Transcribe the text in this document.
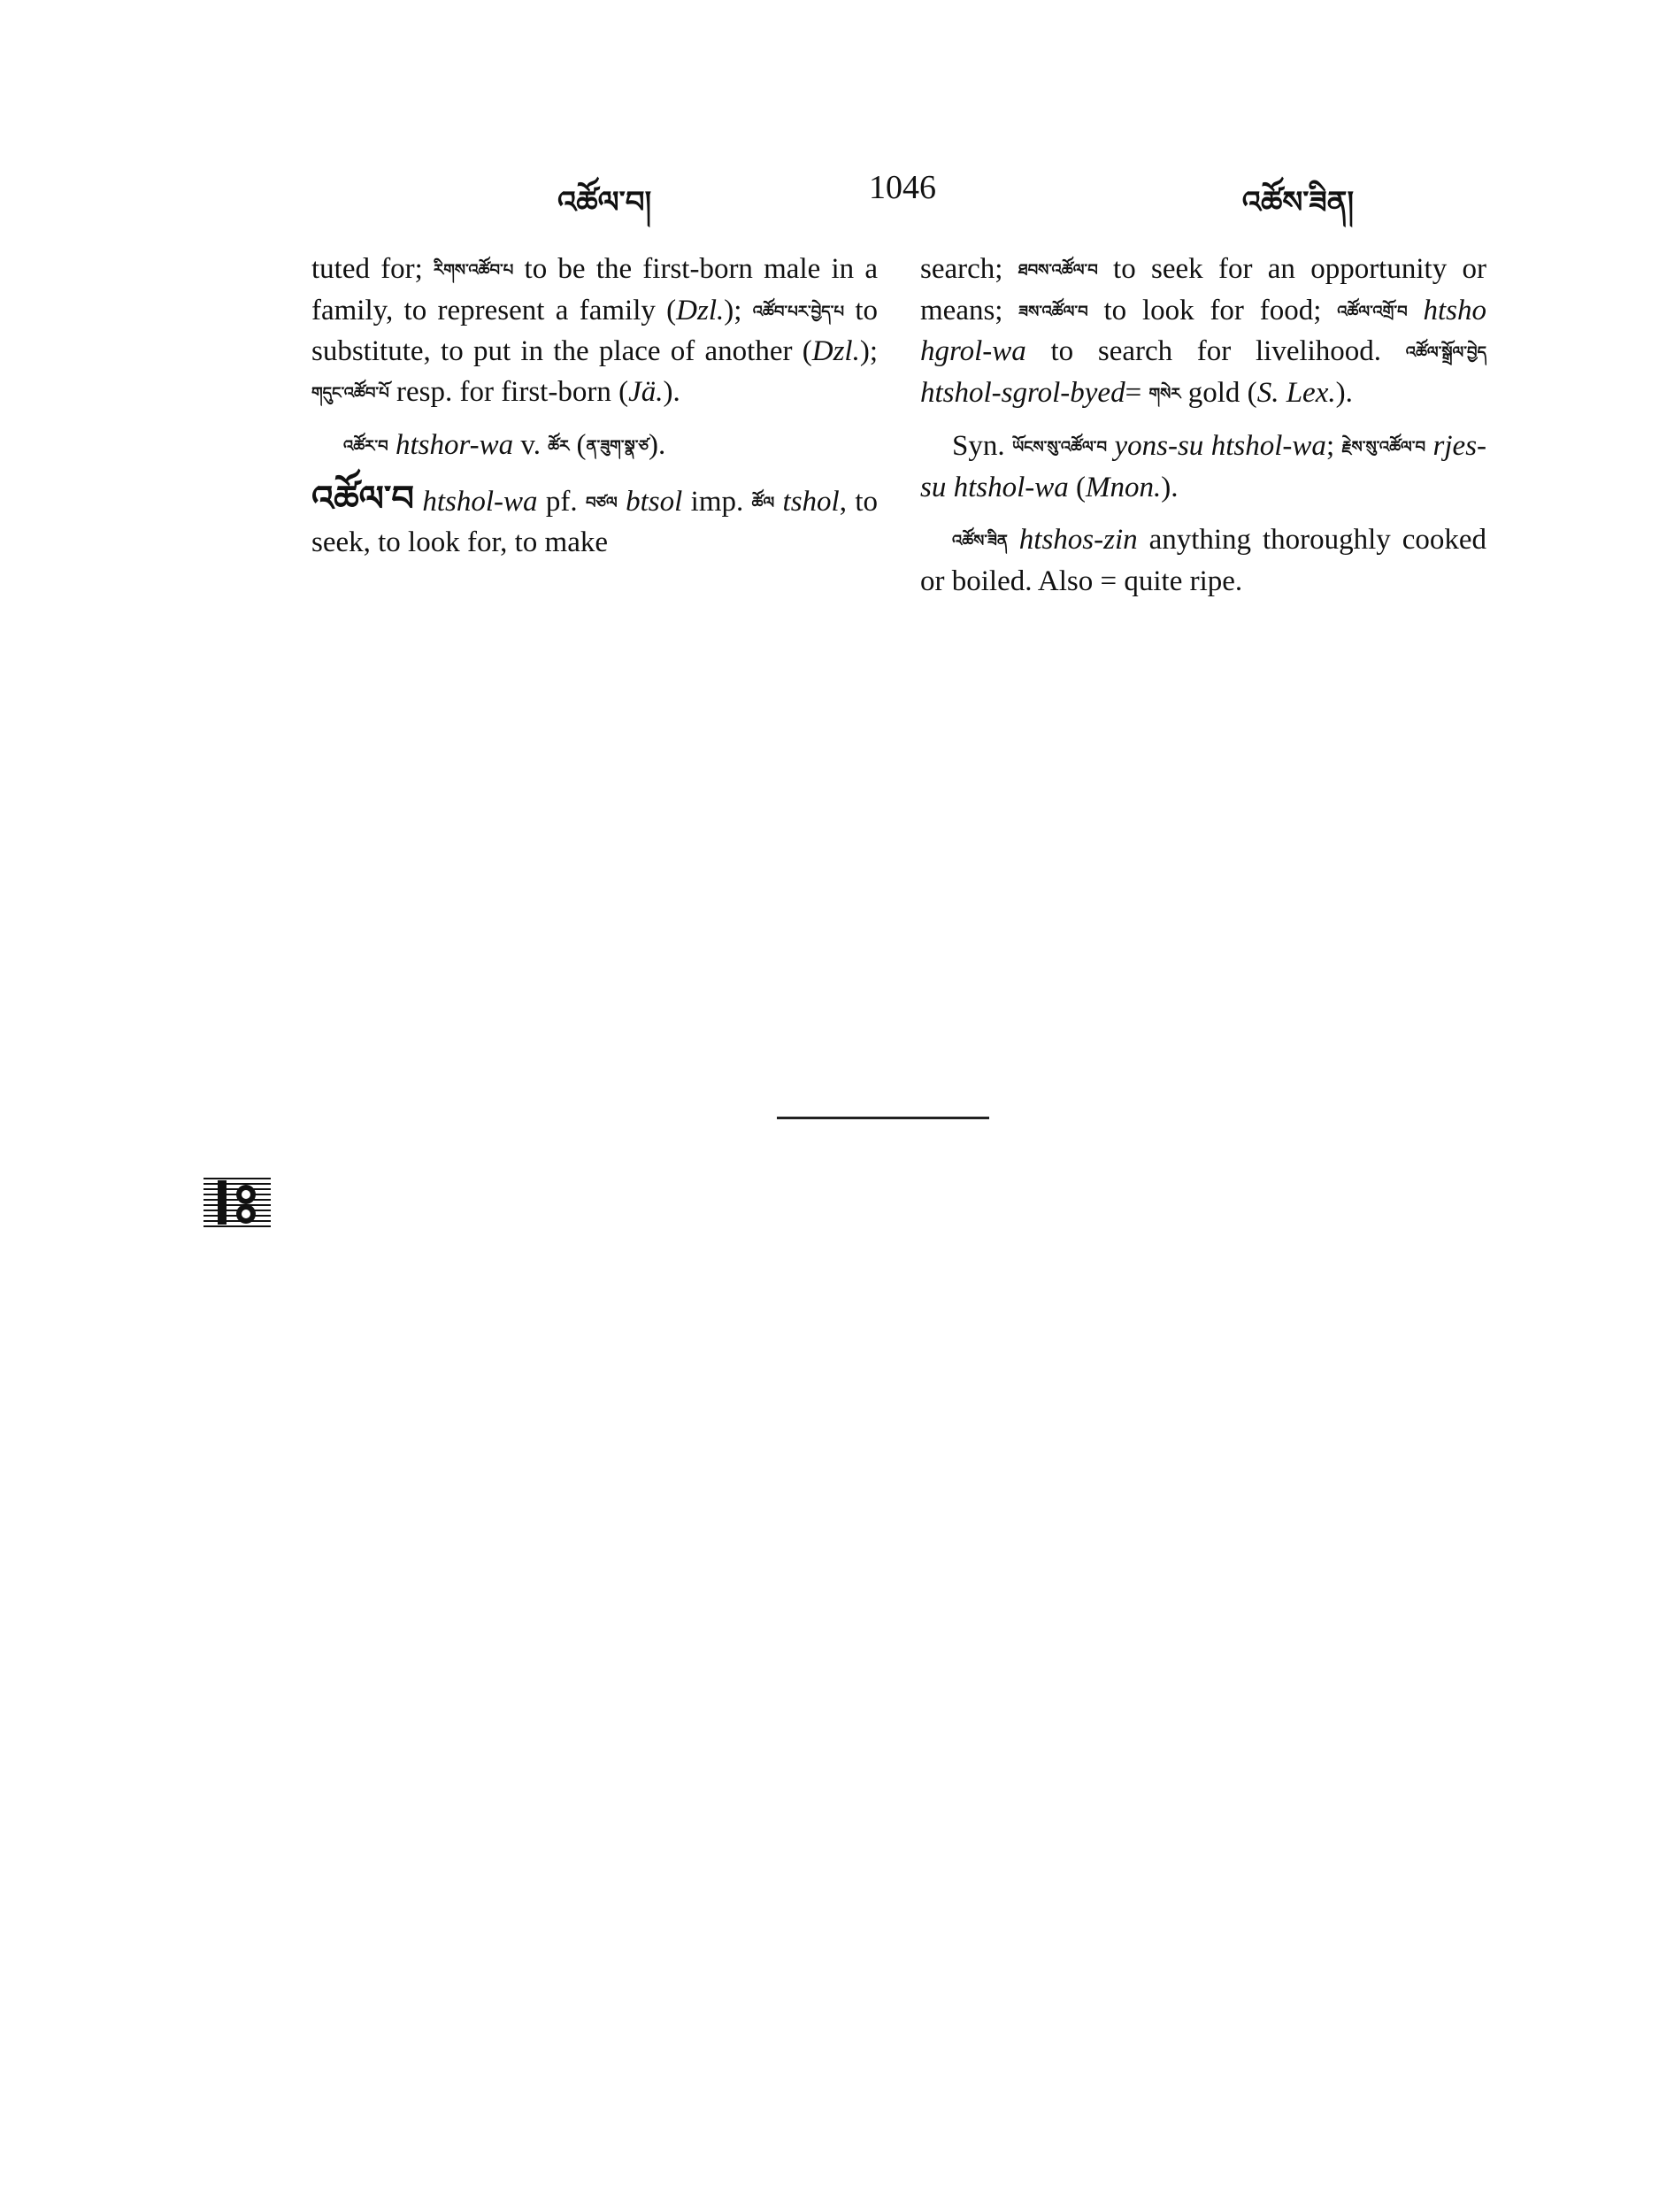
འཚོལ་བ།	1046	འཚོས་ཟིན།

tuted for; རིགས་འཚོབ་པ to be the first-born male in a family, to represent a family (Dzl.); འཚོབ་པར་བྱེད་པ to substitute, to put in the place of another (Dzl.); གདུང་འཚོབ་པོ resp. for first-born (Jä.).

འཚོར་བ htshor-wa v. ཚོར (ན་ཟུག་སྣ་ཙ).

འཚོལ་བ htshol-wa pf. བཙལ btsol imp. ཚོལ tshol, to seek, to look for, to make

search; ཐབས་འཚོལ་བ to seek for an opportunity or means; ཟས་འཚོལ་བ to look for food; འཚོལ་འགྲོ་བ htsho hgrol-wa to search for livelihood. འཚོལ་སྒྲོལ་བྱེད htshol-sgrol-byed= གསེར gold (S. Lex.).

Syn. ཡོངས་སུ་འཚོལ་བ yons-su htshol-wa; རྗེས་སུ་འཚོལ་བ rjes-su htshol-wa (Mnon.).

འཚོས་ཟིན htshos-zin anything thoroughly cooked or boiled. Also = quite ripe.
